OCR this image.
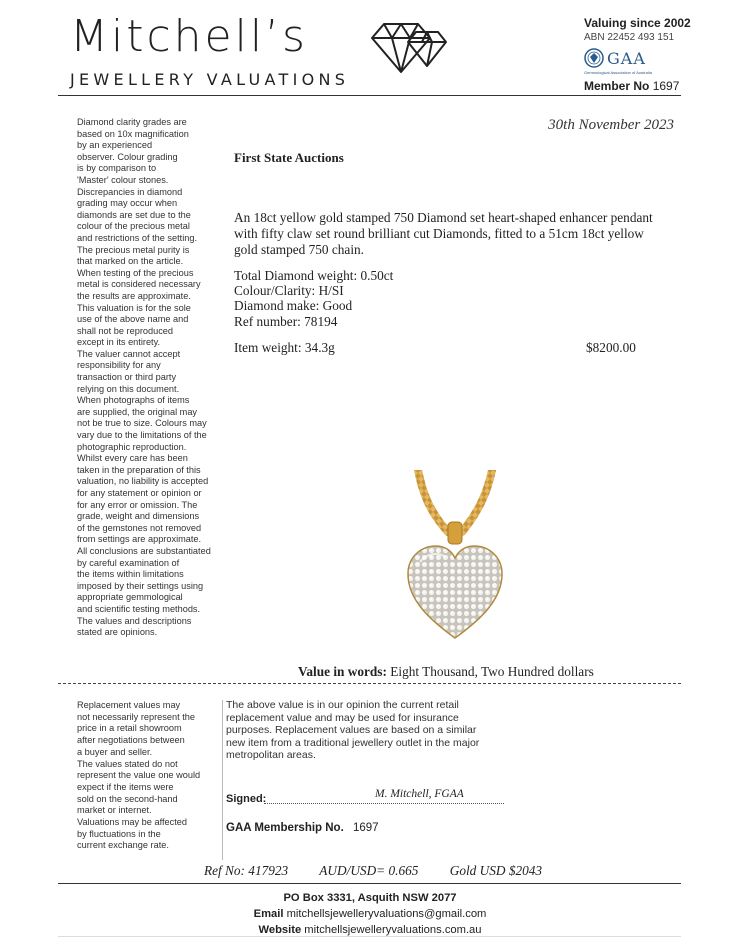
Mitchell’s
JEWELLERY VALUATIONS
Valuing since 2002
ABN 22452 493 151
GAA
Gemmological Association of Australia
Member No 1697
Diamond clarity grades are
based on 10x magnification
by an experienced
observer. Colour grading
is by comparison to
'Master' colour stones.
Discrepancies in diamond
grading may occur when
diamonds are set due to the
colour of the precious metal
and restrictions of the setting.
The precious metal purity is
that marked on the article.
When testing of the precious
metal is considered necessary
the results are approximate.
This valuation is for the sole
use of the above name and
shall not be reproduced
except in its entirety.
The valuer cannot accept
responsibility for any
transaction or third party
relying on this document.
When photographs of items
are supplied, the original may
not be true to size. Colours may
vary due to the limitations of the
photographic reproduction.
Whilst every care has been
taken in the preparation of this
valuation, no liability is accepted
for any statement or opinion or
for any error or omission. The
grade, weight and dimensions
of the gemstones not removed
from settings are approximate.
All conclusions are substantiated
by careful examination of
the items within limitations
imposed by their settings using
appropriate gemmological
and scientific testing methods.
The values and descriptions
stated are opinions.
Replacement values may
not necessarily represent the
price in a retail showroom
after negotiations between
a buyer and seller.
The values stated do not
represent the value one would
expect if the items were
sold on the second-hand
market or internet.
Valuations may be affected
by fluctuations in the
current exchange rate.
30th November 2023
First State Auctions
An 18ct yellow gold stamped 750 Diamond set heart-shaped enhancer pendant with fifty claw set round brilliant cut Diamonds, fitted to a 51cm 18ct yellow gold stamped 750 chain.
Total Diamond weight: 0.50ct
Colour/Clarity: H/SI
Diamond make: Good
Ref number: 78194
Item weight: 34.3g	$8200.00
Value in words: Eight Thousand, Two Hundred dollars
The above value is in our opinion the current retail replacement value and may be used for insurance purposes. Replacement values are based on a similar new item from a traditional jewellery outlet in the major metropolitan areas.
Signed:	M. Mitchell, FGAA
GAA Membership No. 1697
Ref No: 417923 AUD/USD= 0.665 Gold USD $2043
PO Box 3331, Asquith NSW 2077
Email mitchellsjewelleryvaluations@gmail.com
Website mitchellsjewelleryvaluations.com.au
